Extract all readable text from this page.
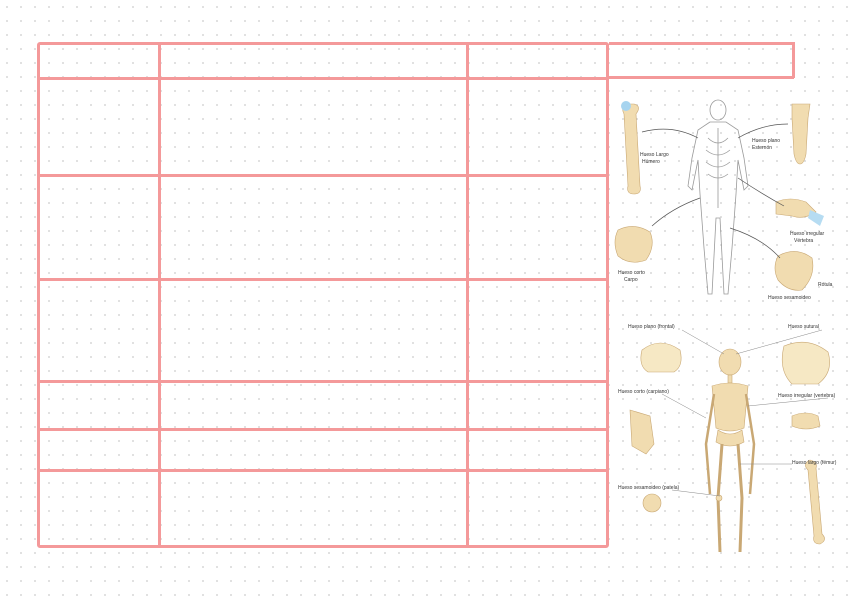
Hueso Largo
Húmero
Hueso plano
Esternón
Hueso irregular
Vértebra
Hueso corto
Carpo
Rótula
Hueso sesamoideo
Hueso plano (frontal)	Hueso sutural
Hueso corto (carpiano)
Hueso irregular (vertebra)
Hueso largo (fémur)
Hueso sesamoideo (patela)
